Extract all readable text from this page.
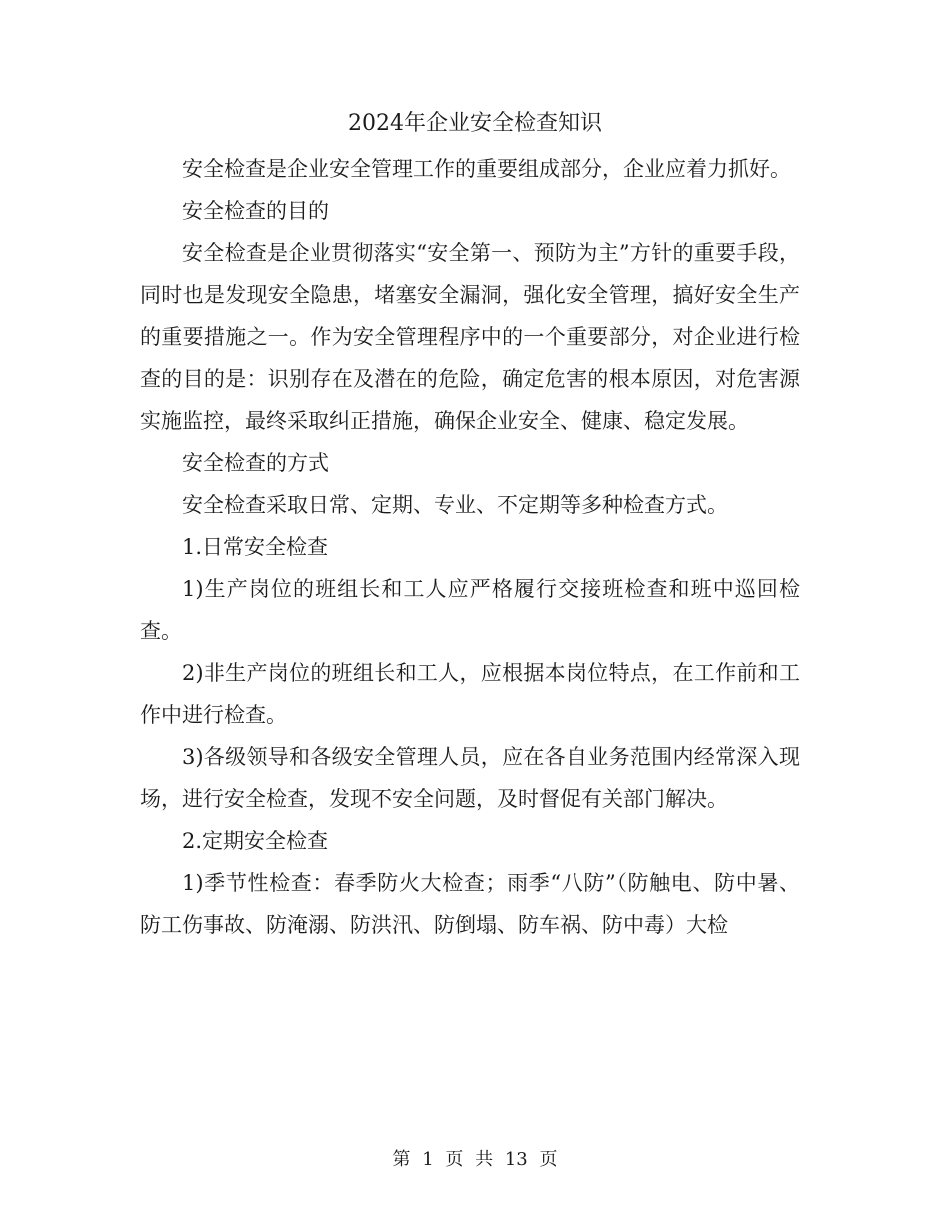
2024年企业安全检查知识

安全检查是企业安全管理工作的重要组成部分，企业应着力抓好。

安全检查的目的

安全检查是企业贯彻落实“安全第一、预防为主”方针的重要手段，同时也是发现安全隐患，堵塞安全漏洞，强化安全管理，搞好安全生产的重要措施之一。作为安全管理程序中的一个重要部分，对企业进行检查的目的是：识别存在及潜在的危险，确定危害的根本原因，对危害源实施监控，最终采取纠正措施，确保企业安全、健康、稳定发展。

安全检查的方式

安全检查采取日常、定期、专业、不定期等多种检查方式。

1.日常安全检查

1)生产岗位的班组长和工人应严格履行交接班检查和班中巡回检查。

2)非生产岗位的班组长和工人，应根据本岗位特点，在工作前和工作中进行检查。

3)各级领导和各级安全管理人员，应在各自业务范围内经常深入现场，进行安全检查，发现不安全问题，及时督促有关部门解决。

2.定期安全检查

1)季节性检查：春季防火大检查；雨季“八防”（防触电、防中暑、防工伤事故、防淹溺、防洪汛、防倒塌、防车祸、防中毒）大检

第 1 页 共 13 页
